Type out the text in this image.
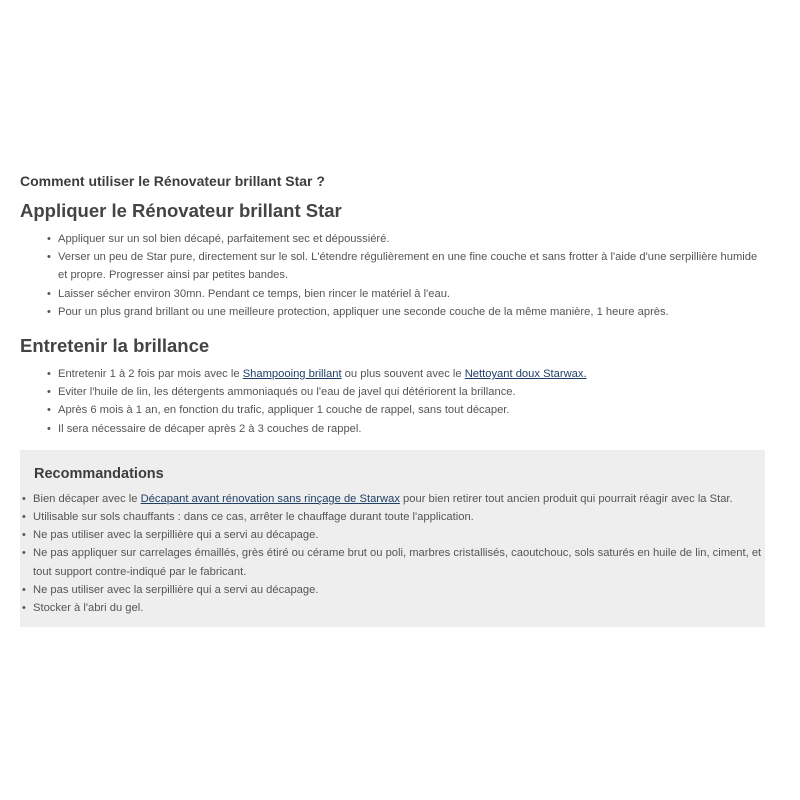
Comment utiliser le Rénovateur brillant Star ?
Appliquer le Rénovateur brillant Star
• Appliquer sur un sol bien décapé, parfaitement sec et dépoussiéré.
• Verser un peu de Star pure, directement sur le sol. L'étendre régulièrement en une fine couche et sans frotter à l'aide d'une serpillière humide et propre. Progresser ainsi par petites bandes.
• Laisser sécher environ 30mn. Pendant ce temps, bien rincer le matériel à l'eau.
• Pour un plus grand brillant ou une meilleure protection, appliquer une seconde couche de la même manière, 1 heure après.
Entretenir la brillance
• Entretenir 1 à 2 fois par mois avec le Shampooing brillant ou plus souvent avec le Nettoyant doux Starwax.
• Eviter l'huile de lin, les détergents ammoniaqués ou l'eau de javel qui détériorent la brillance.
• Après 6 mois à 1 an, en fonction du trafic, appliquer 1 couche de rappel, sans tout décaper.
• Il sera nécessaire de décaper après 2 à 3 couches de rappel.
Recommandations
• Bien décaper avec le Décapant avant rénovation sans rinçage de Starwax pour bien retirer tout ancien produit qui pourrait réagir avec la Star.
• Utilisable sur sols chauffants : dans ce cas, arrêter le chauffage durant toute l'application.
• Ne pas utiliser avec la serpillière qui a servi au décapage.
• Ne pas appliquer sur carrelages émaillés, grès étiré ou cérame brut ou poli, marbres cristallisés, caoutchouc, sols saturés en huile de lin, ciment, et tout support contre-indiqué par le fabricant.
• Ne pas utiliser avec la serpillière qui a servi au décapage.
• Stocker à l'abri du gel.
